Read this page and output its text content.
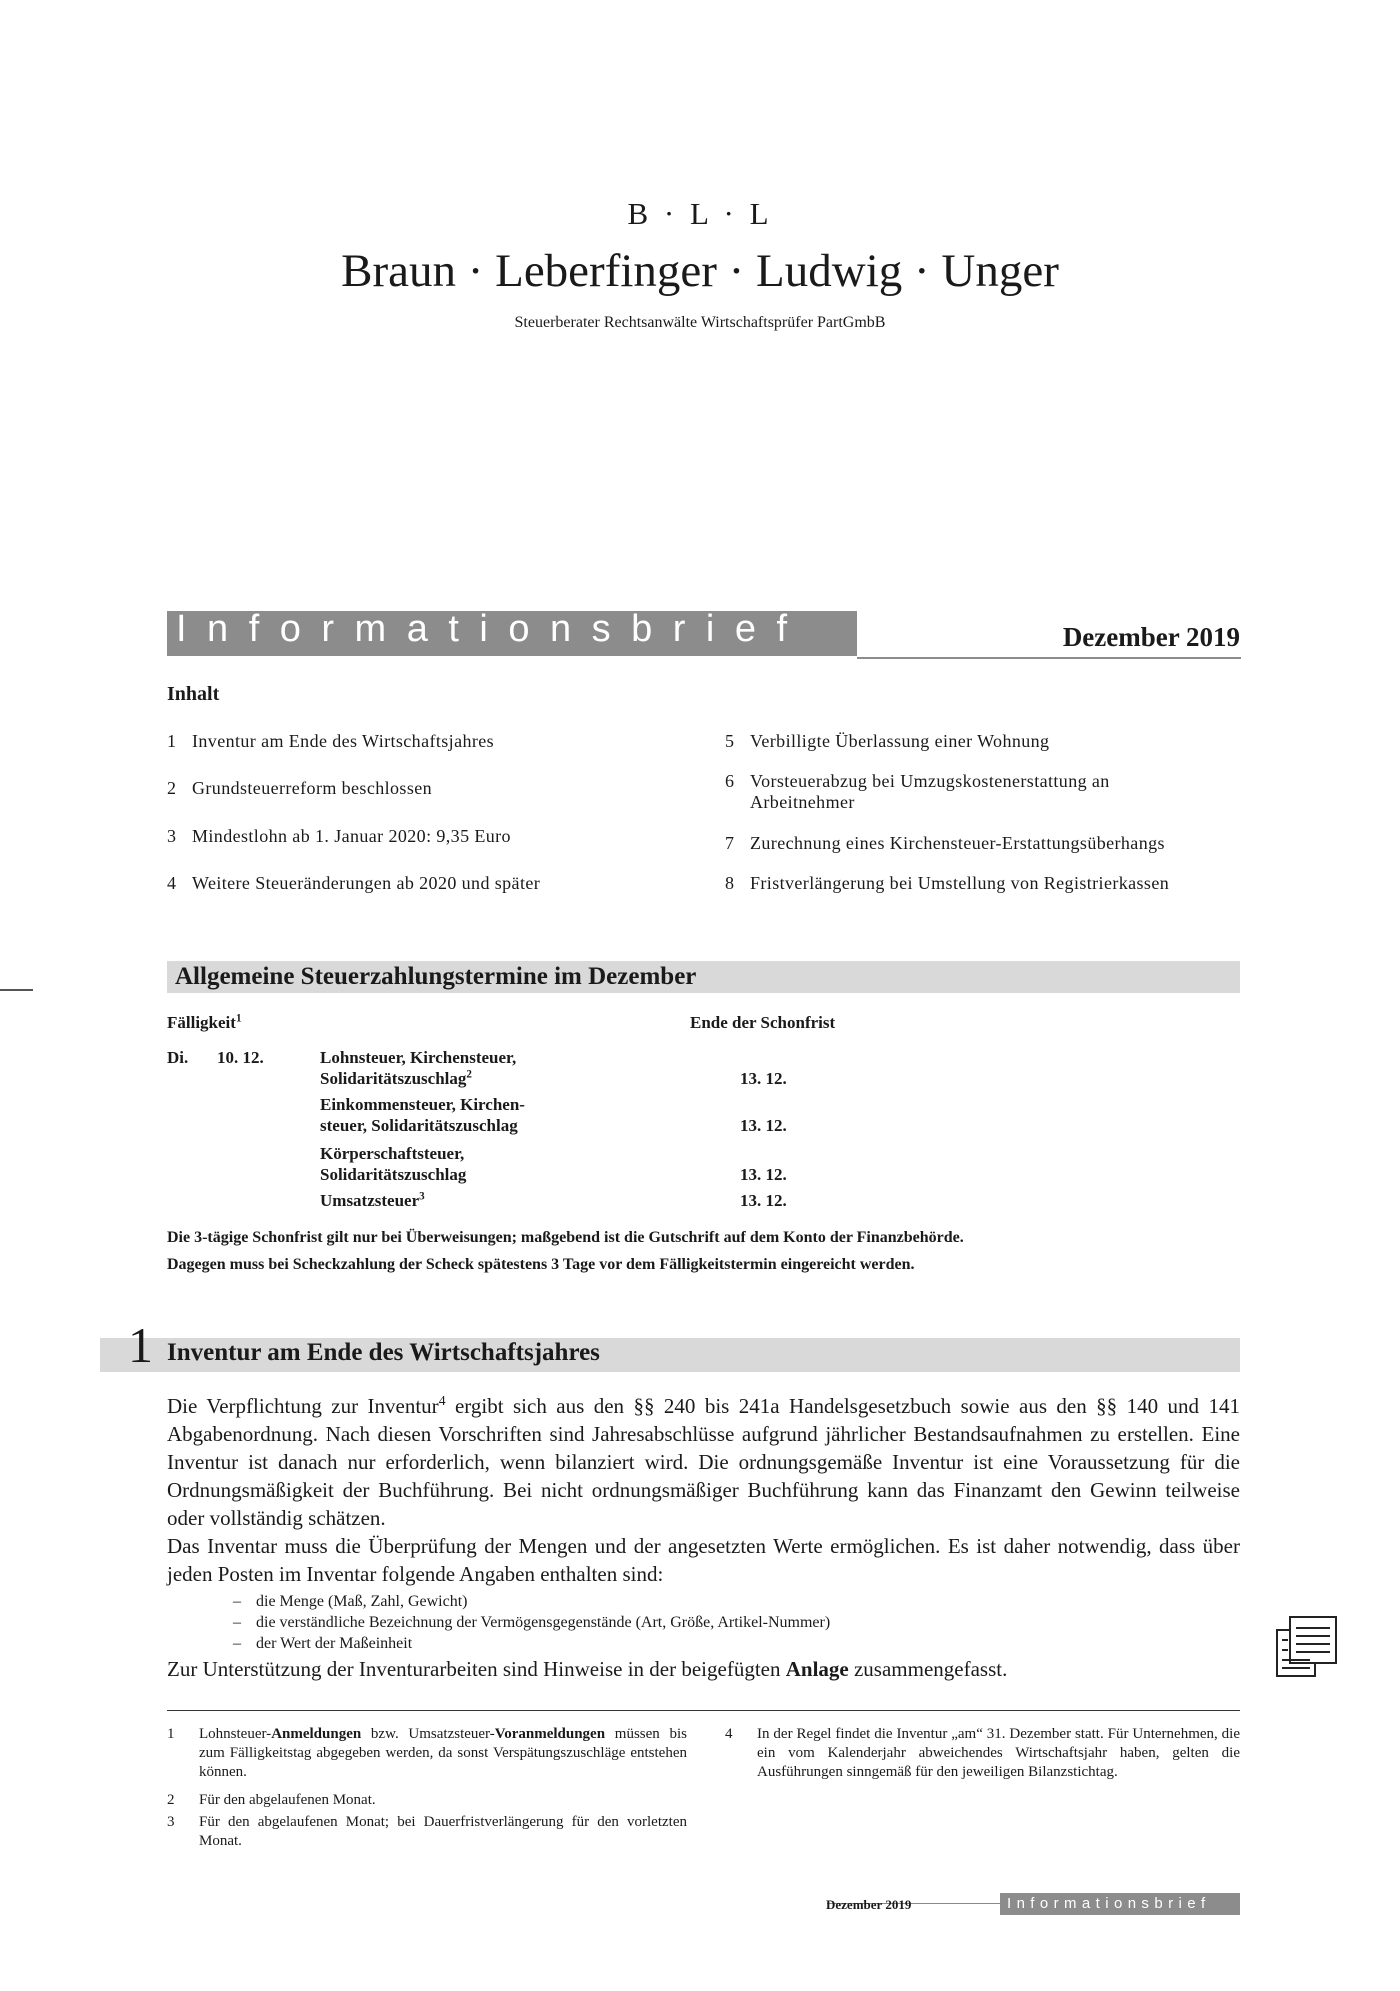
B · L · L
Braun · Leberfinger · Ludwig · Unger
Steuerberater Rechtsanwälte Wirtschaftsprüfer PartGmbB
Informationsbrief	Dezember 2019
Inhalt
1 Inventur am Ende des Wirtschaftsjahres
2 Grundsteuerreform beschlossen
3 Mindestlohn ab 1. Januar 2020: 9,35 Euro
4 Weitere Steueränderungen ab 2020 und später
5 Verbilligte Überlassung einer Wohnung
6 Vorsteuerabzug bei Umzugskostenerstattung an Arbeitnehmer
7 Zurechnung eines Kirchensteuer-Erstattungsüberhangs
8 Fristverlängerung bei Umstellung von Registrierkassen
Allgemeine Steuerzahlungstermine im Dezember
Fälligkeit$^1$	Ende der Schonfrist
Di. 10. 12.	Lohnsteuer, Kirchensteuer,
Solidaritätszuschlag$^2$	13. 12.
Einkommensteuer, Kirchen-
steuer, Solidaritätszuschlag	13. 12.
Körperschaftsteuer,
Solidaritätszuschlag	13. 12.
Umsatzsteuer$^3$	13. 12.
Die 3-tägige Schonfrist gilt nur bei Überweisungen; maßgebend ist die Gutschrift auf dem Konto der Finanzbehörde.
Dagegen muss bei Scheckzahlung der Scheck spätestens 3 Tage vor dem Fälligkeitstermin eingereicht werden.
1 Inventur am Ende des Wirtschaftsjahres
Die Verpflichtung zur Inventur$^4$ ergibt sich aus den §§ 240 bis 241a Handelsgesetzbuch sowie aus den §§ 140 und 141 Abgabenordnung. Nach diesen Vorschriften sind Jahresabschlüsse aufgrund jährlicher Bestandsaufnahmen zu erstellen. Eine Inventur ist danach nur erforderlich, wenn bilanziert wird. Die ordnungsgemäße Inventur ist eine Voraussetzung für die Ordnungsmäßigkeit der Buchführung. Bei nicht ordnungsmäßiger Buchführung kann das Finanzamt den Gewinn teilweise oder vollständig schätzen.
Das Inventar muss die Überprüfung der Mengen und der angesetzten Werte ermöglichen. Es ist daher notwendig, dass über jeden Posten im Inventar folgende Angaben enthalten sind:
– die Menge (Maß, Zahl, Gewicht)
– die verständliche Bezeichnung der Vermögensgegenstände (Art, Größe, Artikel-Nummer)
– der Wert der Maßeinheit
Zur Unterstützung der Inventurarbeiten sind Hinweise in der beigefügten Anlage zusammengefasst.
1 Lohnsteuer-Anmeldungen bzw. Umsatzsteuer-Voranmeldungen müssen bis zum Fälligkeitstag abgegeben werden, da sonst Verspätungszuschläge entstehen können.
2 Für den abgelaufenen Monat.
3 Für den abgelaufenen Monat; bei Dauerfristverlängerung für den vorletzten Monat.
4 In der Regel findet die Inventur „am“ 31. Dezember statt. Für Unternehmen, die ein vom Kalenderjahr abweichendes Wirtschaftsjahr haben, gelten die Ausführungen sinngemäß für den jeweiligen Bilanzstichtag.
Dezember 2019	Informationsbrief
